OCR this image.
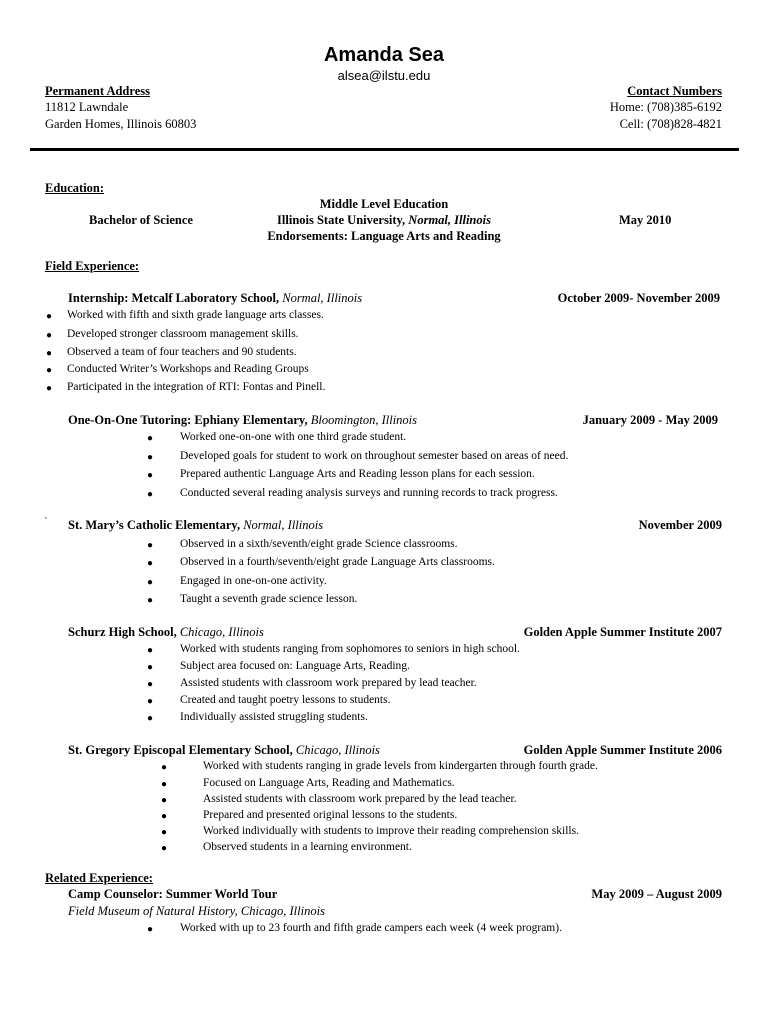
Amanda Sea
alsea@ilstu.edu
Permanent Address
11812 Lawndale
Garden Homes, Illinois 60803
Contact Numbers
Home: (708)385-6192
Cell: (708)828-4821
Education:
Middle Level Education
Bachelor of Science	Illinois State University, Normal, Illinois	May 2010
Endorsements: Language Arts and Reading
Field Experience:
Internship: Metcalf Laboratory School, Normal, Illinois	October 2009- November 2009
● Worked with fifth and sixth grade language arts classes.
● Developed stronger classroom management skills.
● Observed a team of four teachers and 90 students.
● Conducted Writer’s Workshops and Reading Groups
● Participated in the integration of RTI: Fontas and Pinell.
One-On-One Tutoring: Ephiany Elementary, Bloomington, Illinois	January 2009 - May 2009
● Worked one-on-one with one third grade student.
● Developed goals for student to work on throughout semester based on areas of need.
● Prepared authentic Language Arts and Reading lesson plans for each session.
● Conducted several reading analysis surveys and running records to track progress.
` St. Mary’s Catholic Elementary, Normal, Illinois	November 2009
● Observed in a sixth/seventh/eight grade Science classrooms.
● Observed in a fourth/seventh/eight grade Language Arts classrooms.
● Engaged in one-on-one activity.
● Taught a seventh grade science lesson.
Schurz High School, Chicago, Illinois	Golden Apple Summer Institute 2007
● Worked with students ranging from sophomores to seniors in high school.
● Subject area focused on: Language Arts, Reading.
● Assisted students with classroom work prepared by lead teacher.
● Created and taught poetry lessons to students.
● Individually assisted struggling students.
St. Gregory Episcopal Elementary School, Chicago, Illinois	Golden Apple Summer Institute 2006
●	Worked with students ranging in grade levels from kindergarten through fourth grade.
●	Focused on Language Arts, Reading and Mathematics.
●	Assisted students with classroom work prepared by the lead teacher.
●	Prepared and presented original lessons to the students.
●	Worked individually with students to improve their reading comprehension skills.
●	Observed students in a learning environment.
Related Experience:
Camp Counselor: Summer World Tour	May 2009 – August 2009
Field Museum of Natural History, Chicago, Illinois
● Worked with up to 23 fourth and fifth grade campers each week (4 week program).
